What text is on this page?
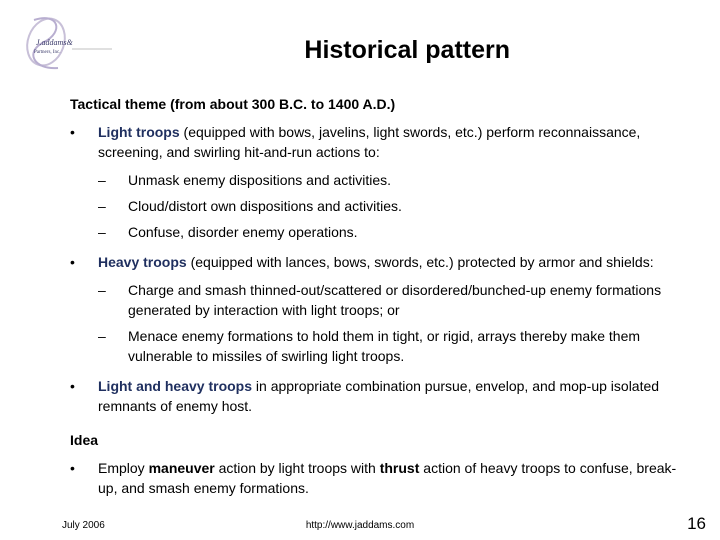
J.addams&
Partners, Inc.	Historical pattern
Tactical theme (from about 300 B.C. to 1400 A.D.)
•	Light troops (equipped with bows, javelins, light swords, etc.) perform reconnaissance, screening, and swirling hit-and-run actions to:
–	Unmask enemy dispositions and activities.
–	Cloud/distort own dispositions and activities.
–	Confuse, disorder enemy operations.
•	Heavy troops (equipped with lances, bows, swords, etc.) protected by armor and shields:
–	Charge and smash thinned-out/scattered or disordered/bunched-up enemy formations generated by interaction with light troops; or
–	Menace enemy formations to hold them in tight, or rigid, arrays thereby make them vulnerable to missiles of swirling light troops.
•	Light and heavy troops in appropriate combination pursue, envelop, and mop-up isolated remnants of enemy host.
Idea
•	Employ maneuver action by light troops with thrust action of heavy troops to confuse, break-up, and smash enemy formations.
July 2006	http://www.jaddams.com	16
